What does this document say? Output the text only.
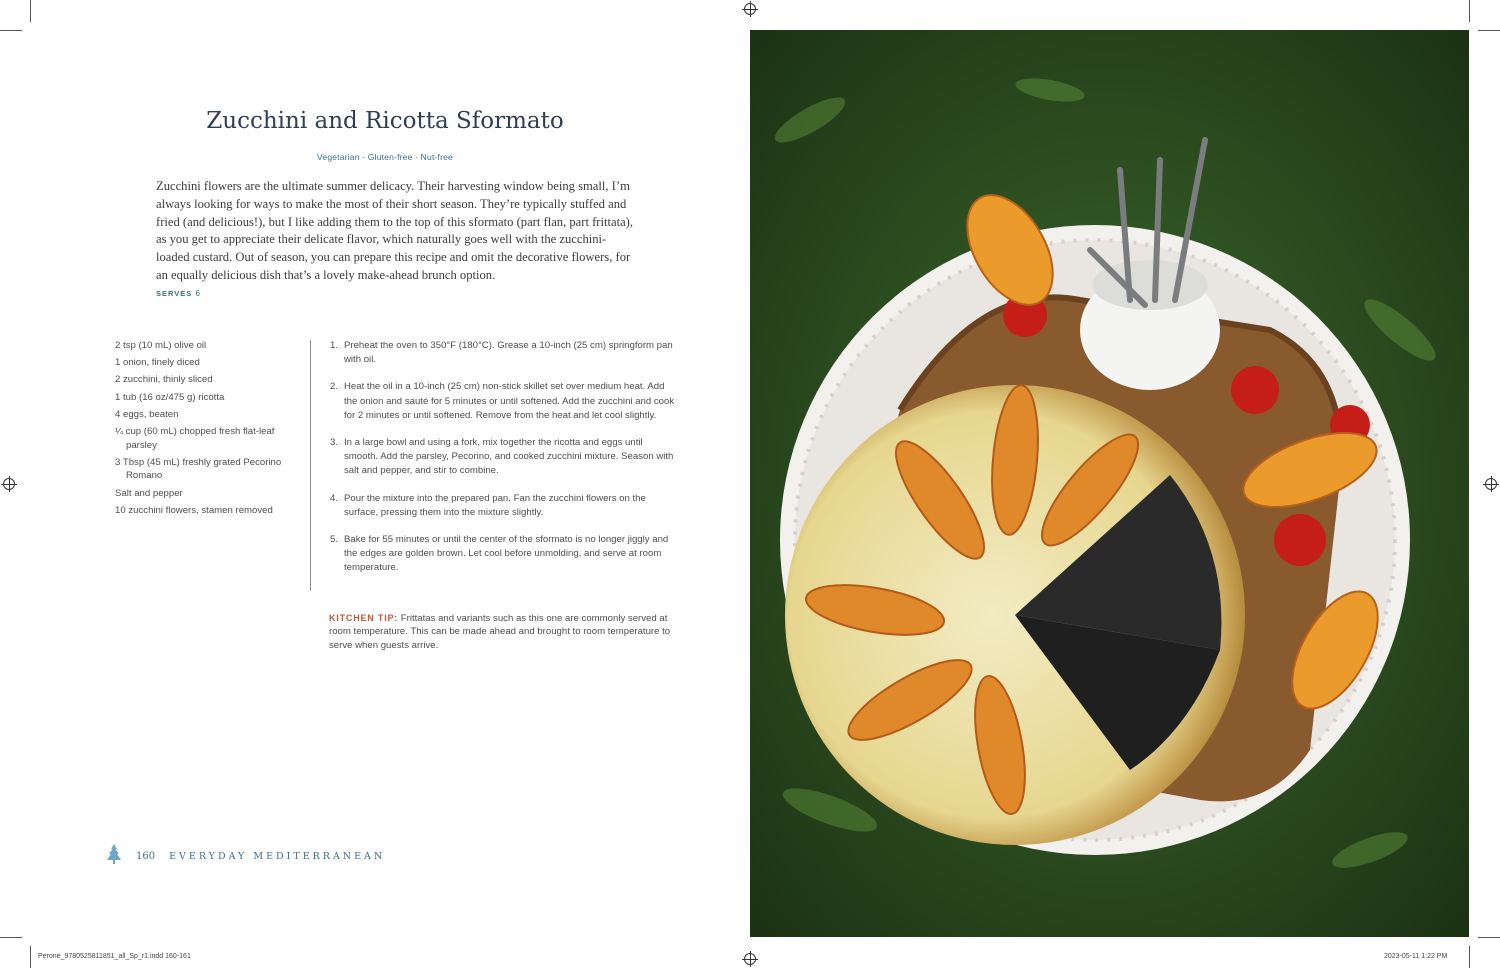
Zucchini and Ricotta Sformato
Vegetarian · Gluten-free · Nut-free

Zucchini flowers are the ultimate summer delicacy. Their harvesting window being small, I’m always looking for ways to make the most of their short season. They’re typically stuffed and fried (and delicious!), but I like adding them to the top of this sformato (part flan, part frittata), as you get to appreciate their delicate flavor, which naturally goes well with the zucchini-loaded custard. Out of season, you can prepare this recipe and omit the decorative flowers, for an equally delicious dish that’s a lovely make-ahead brunch option.

SERVES 6
2 tsp (10 mL) olive oil
1 onion, finely diced
2 zucchini, thinly sliced
1 tub (16 oz/475 g) ricotta
4 eggs, beaten
¼ cup (60 mL) chopped fresh flat-leaf parsley
3 Tbsp (45 mL) freshly grated Pecorino Romano
Salt and pepper
10 zucchini flowers, stamen removed
1. Preheat the oven to 350°F (180°C). Grease a 10-inch (25 cm) springform pan with oil.
2. Heat the oil in a 10-inch (25 cm) non-stick skillet set over medium heat. Add the onion and sauté for 5 minutes or until softened. Add the zucchini and cook for 2 minutes or until softened. Remove from the heat and let cool slightly.
3. In a large bowl and using a fork, mix together the ricotta and eggs until smooth. Add the parsley, Pecorino, and cooked zucchini mixture. Season with salt and pepper, and stir to combine.
4. Pour the mixture into the prepared pan. Fan the zucchini flowers on the surface, pressing them into the mixture slightly.
5. Bake for 55 minutes or until the center of the sformato is no longer jiggly and the edges are golden brown. Let cool before unmolding, and serve at room temperature.
KITCHEN TIP: Frittatas and variants such as this one are commonly served at room temperature. This can be made ahead and brought to room temperature to serve when guests arrive.
160 EVERYDAY MEDITERRANEAN
Perone_9780525811851_all_Sp_r1.indd 160-161	2023-05-11 1:22 PM
